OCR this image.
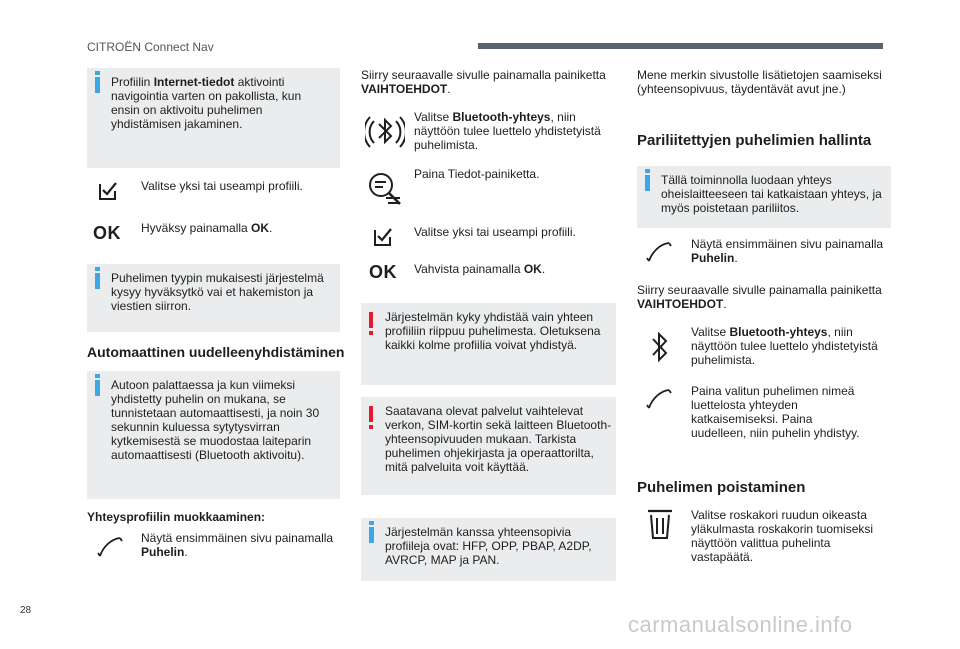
CITROËN Connect Nav
Profiilin Internet-tiedot aktivointi navigointia varten on pakollista, kun ensin on aktivoitu puhelimen yhdistämisen jakaminen.
Valitse yksi tai useampi profiili.
OK Hyväksy painamalla OK.
Puhelimen tyypin mukaisesti järjestelmä kysyy hyväksytkö vai et hakemiston ja viestien siirron.
Automaattinen uudelleenyhdistäminen
Autoon palattaessa ja kun viimeksi yhdistetty puhelin on mukana, se tunnistetaan automaattisesti, ja noin 30 sekunnin kuluessa sytytysvirran kytkemisestä se muodostaa laiteparin automaattisesti (Bluetooth aktivoitu).
Yhteysprofiilin muokkaaminen:
Näytä ensimmäinen sivu painamalla Puhelin.
Siirry seuraavalle sivulle painamalla painiketta VAIHTOEHDOT.
Valitse Bluetooth-yhteys, niin näyttöön tulee luettelo yhdistetyistä puhelimista.
Paina Tiedot-painiketta.
Valitse yksi tai useampi profiili.
OK Vahvista painamalla OK.
Järjestelmän kyky yhdistää vain yhteen profiiliin riippuu puhelimesta. Oletuksena kaikki kolme profiilia voivat yhdistyä.
Saatavana olevat palvelut vaihtelevat verkon, SIM-kortin sekä laitteen Bluetooth-yhteensopivuuden mukaan. Tarkista puhelimen ohjekirjasta ja operaattorilta, mitä palveluita voit käyttää.
Järjestelmän kanssa yhteensopivia profiileja ovat: HFP, OPP, PBAP, A2DP, AVRCP, MAP ja PAN.
Mene merkin sivustolle lisätietojen saamiseksi (yhteensopivuus, täydentävät avut jne.)
Pariliitettyjen puhelimien hallinta
Tällä toiminnolla luodaan yhteys oheislaitteeseen tai katkaistaan yhteys, ja myös poistetaan pariliitos.
Näytä ensimmäinen sivu painamalla Puhelin.
Siirry seuraavalle sivulle painamalla painiketta VAIHTOEHDOT.
Valitse Bluetooth-yhteys, niin näyttöön tulee luettelo yhdistetyistä puhelimista.
Paina valitun puhelimen nimeä luettelosta yhteyden katkaisemiseksi. Paina uudelleen, niin puhelin yhdistyy.
Puhelimen poistaminen
Valitse roskakori ruudun oikeasta yläkulmasta roskakorin tuomiseksi näyttöön valittua puhelinta vastapäätä.
28
carmanualsonline.info
